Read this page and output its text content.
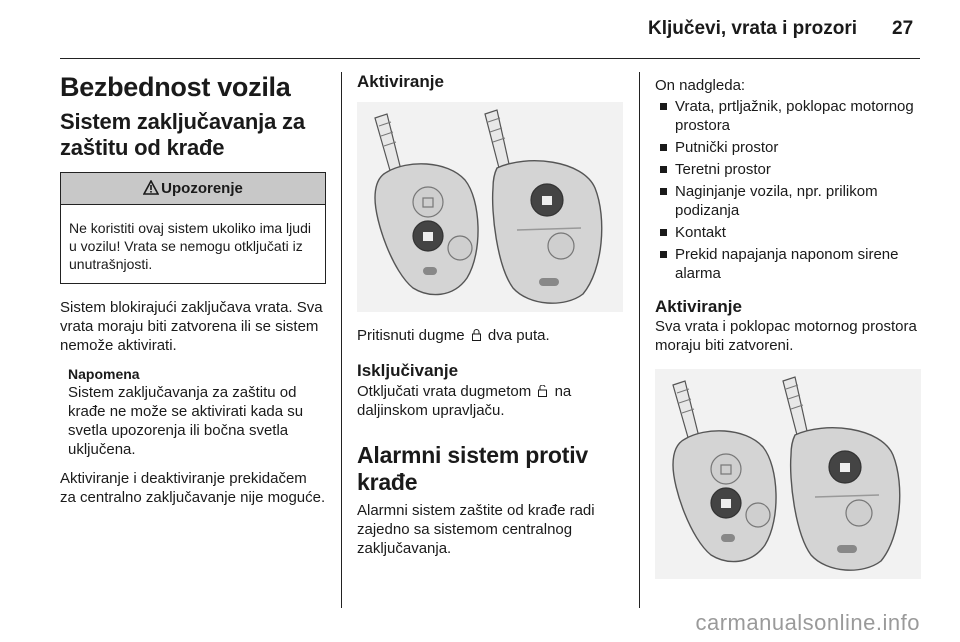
Ključevi, vrata i prozori 27
Bezbednost vozila
Sistem zaključavanja za zaštitu od krađe
Upozorenje
Ne koristiti ovaj sistem ukoliko ima ljudi u vozilu! Vrata se nemogu otključati iz unutrašnjosti.

Sistem blokirajući zaključava vrata. Sva vrata moraju biti zatvorena ili se sistem nemože aktivirati.

Napomena

Sistem zaključavanja za zaštitu od krađe ne može se aktivirati kada su svetla upozorenja ili bočna svetla uključena.

Aktiviranje i deaktiviranje prekidačem za centralno zaključavanje nije moguće.

Aktiviranje

Pritisnuti dugme dva puta.

Isključivanje

Otključati vrata dugmetom na daljinskom upravljaču.

Alarmni sistem protiv krađe

Alarmni sistem zaštite od krađe radi zajedno sa sistemom centralnog zaključavanja.

On nadgleda:

Vrata, prtljažnik, poklopac motornog prostora
Putnički prostor
Teretni prostor
Naginjanje vozila, npr. prilikom podizanja
Kontakt
Prekid napajanja naponom sirene alarma
Aktiviranje

Sva vrata i poklopac motornog prostora moraju biti zatvoreni.

carmanualsonline.info
